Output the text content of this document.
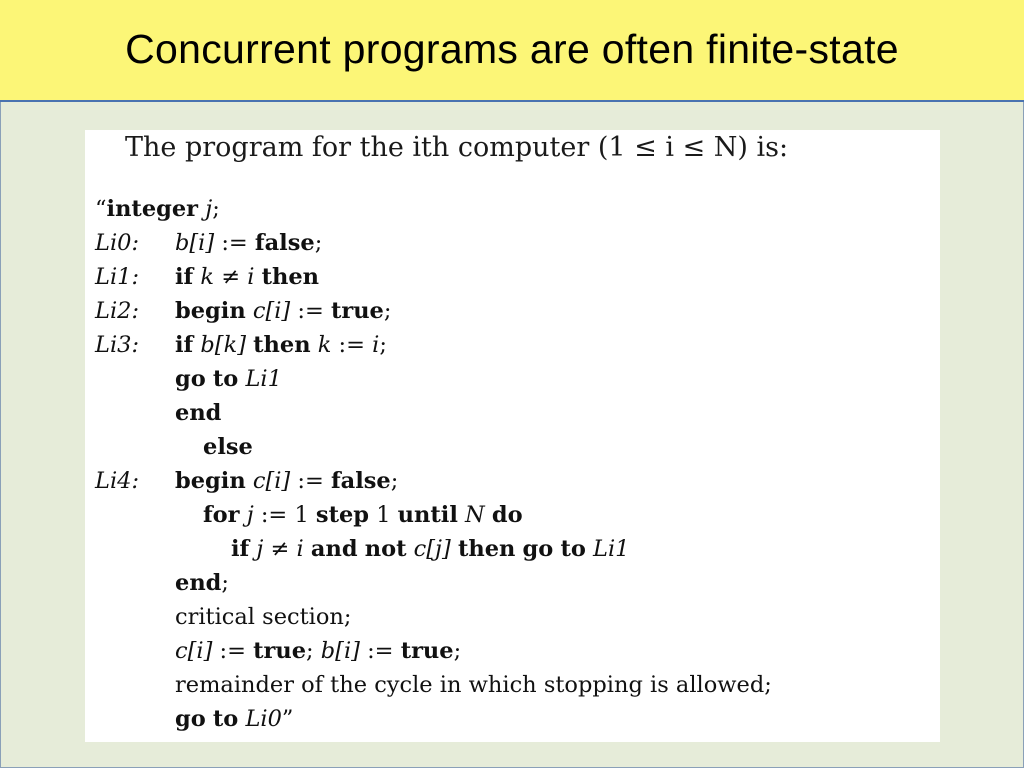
Concurrent programs are often finite-state
The program for the ith computer (1 ≤ i ≤ N) is:
“integer j;
Li0: b[i] := false;
Li1: if k ≠ i then
Li2: begin c[i] := true;
Li3: if b[k] then k := i;
go to Li1
end
else
Li4: begin c[i] := false;
for j := 1 step 1 until N do
if j ≠ i and not c[j] then go to Li1
end;
critical section;
c[i] := true; b[i] := true;
remainder of the cycle in which stopping is allowed;
go to Li0”
